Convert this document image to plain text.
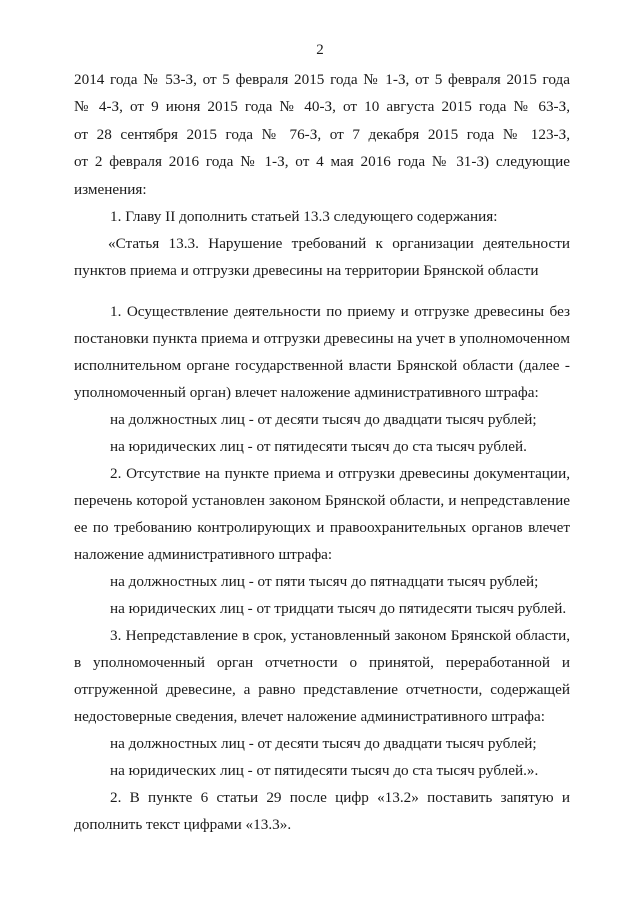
2
2014 года № 53-З, от 5 февраля 2015 года № 1-З, от 5 февраля 2015 года
№ 4-З, от 9 июня 2015 года № 40-З, от 10 августа 2015 года № 63-З,
от 28 сентября 2015 года № 76-З, от 7 декабря 2015 года № 123-З,
от 2 февраля 2016 года № 1-З, от 4 мая 2016 года № 31-З) следующие
изменения:
1. Главу II дополнить статьей 13.3 следующего содержания:
«Статья 13.3. Нарушение требований к организации деятельности
пунктов приема и отгрузки древесины на территории Брянской области
1. Осуществление деятельности по приему и отгрузке древесины без
постановки пункта приема и отгрузки древесины на учет в уполномоченном
исполнительном органе государственной власти Брянской области (далее -
уполномоченный орган) влечет наложение административного штрафа:
на должностных лиц - от десяти тысяч до двадцати тысяч рублей;
на юридических лиц - от пятидесяти тысяч до ста тысяч рублей.
2. Отсутствие на пункте приема и отгрузки древесины документации,
перечень которой установлен законом Брянской области, и непредставление
ее по требованию контролирующих и правоохранительных органов влечет
наложение административного штрафа:
на должностных лиц - от пяти тысяч до пятнадцати тысяч рублей;
на юридических лиц - от тридцати тысяч до пятидесяти тысяч рублей.
3. Непредставление в срок, установленный законом Брянской области,
в уполномоченный орган отчетности о принятой, переработанной и
отгруженной древесине, а равно представление отчетности, содержащей
недостоверные сведения, влечет наложение административного штрафа:
на должностных лиц - от десяти тысяч до двадцати тысяч рублей;
на юридических лиц - от пятидесяти тысяч до ста тысяч рублей.».
2. В пункте 6 статьи 29 после цифр «13.2» поставить запятую и
дополнить текст цифрами «13.3».
